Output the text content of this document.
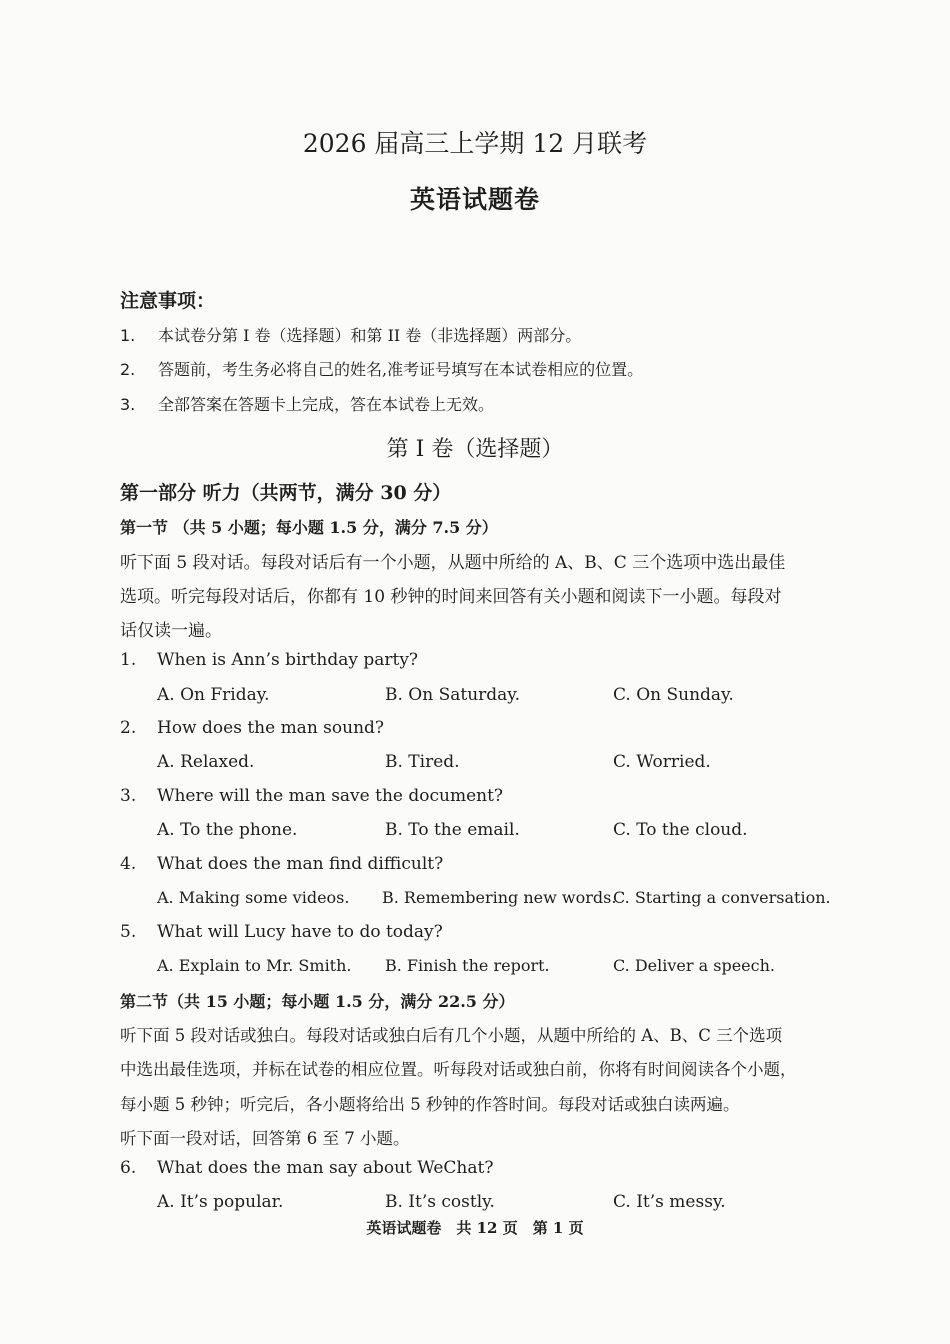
2026 届高三上学期 12 月联考
英语试题卷
注意事项：
1. 本试卷分第 I 卷（选择题）和第 II 卷（非选择题）两部分。
2. 答题前，考生务必将自己的姓名,准考证号填写在本试卷相应的位置。
3. 全部答案在答题卡上完成，答在本试卷上无效。
第 I 卷（选择题）
第一部分 听力（共两节，满分 30 分）
第一节 （共 5 小题；每小题 1.5 分，满分 7.5 分）
听下面 5 段对话。每段对话后有一个小题，从题中所给的 A、B、C 三个选项中选出最佳
选项。听完每段对话后，你都有 10 秒钟的时间来回答有关小题和阅读下一小题。每段对
话仅读一遍。
1. When is Ann’s birthday party?
A. On Friday.	B. On Saturday.	C. On Sunday.
2. How does the man sound?
A. Relaxed.	B. Tired.	C. Worried.
3. Where will the man save the document?
A. To the phone.	B. To the email.	C. To the cloud.
4. What does the man find difficult?
A. Making some videos. B. Remembering new words.
C. Starting a conversation.
5. What will Lucy have to do today?
A. Explain to Mr. Smith. B. Finish the report.	C. Deliver a speech.
第二节（共 15 小题；每小题 1.5 分，满分 22.5 分）
听下面 5 段对话或独白。每段对话或独白后有几个小题，从题中所给的 A、B、C 三个选项
中选出最佳选项，并标在试卷的相应位置。听每段对话或独白前，你将有时间阅读各个小题，
每小题 5 秒钟；听完后，各小题将给出 5 秒钟的作答时间。每段对话或独白读两遍。
听下面一段对话，回答第 6 至 7 小题。
6. What does the man say about WeChat?
A. It’s popular.	B. It’s costly.	C. It’s messy.
英语试题卷　共 12 页　第 1 页
